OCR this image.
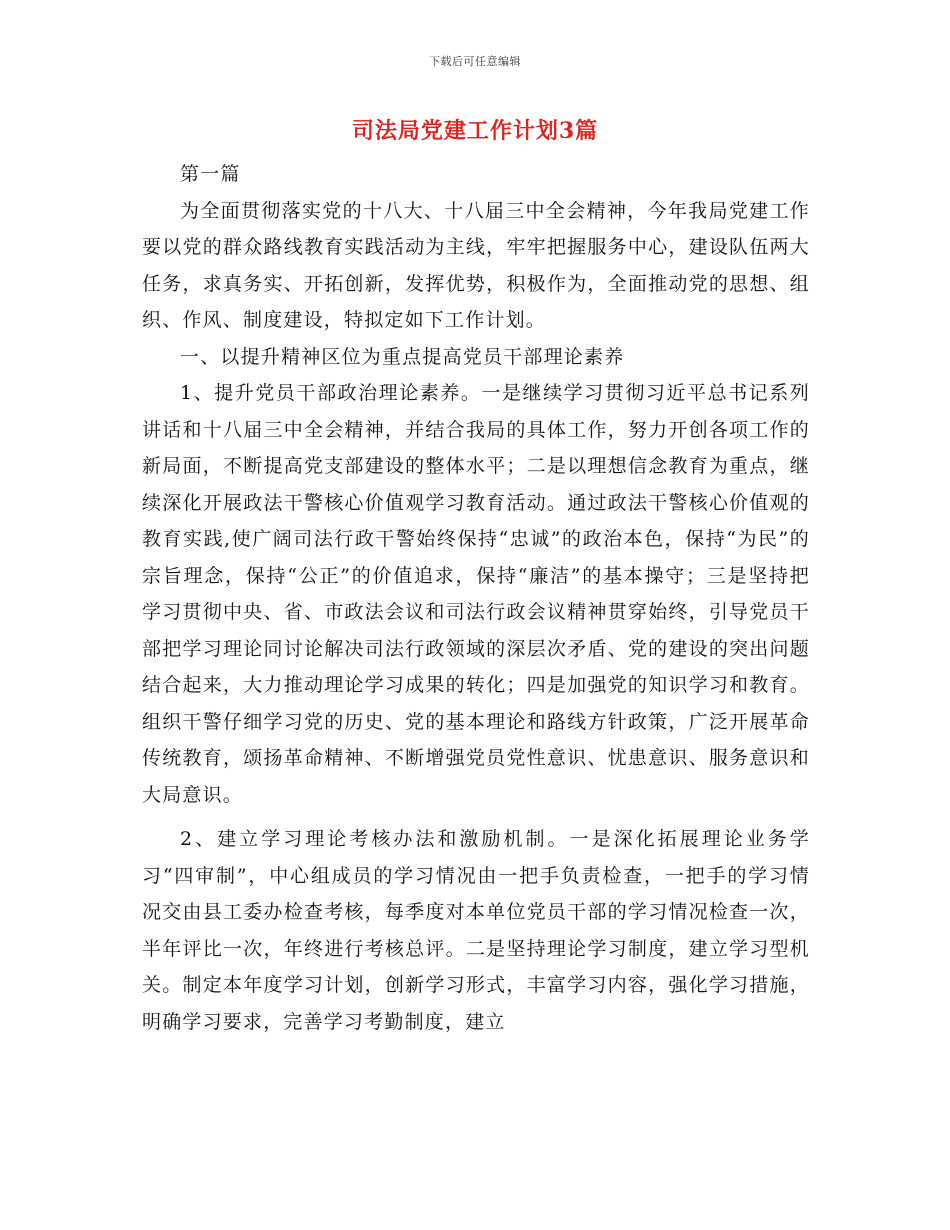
下载后可任意编辑
司法局党建工作计划3篇

第一篇

为全面贯彻落实党的十八大、十八届三中全会精神，今年我局党建工作要以党的群众路线教育实践活动为主线，牢牢把握服务中心，建设队伍两大任务，求真务实、开拓创新，发挥优势，积极作为，全面推动党的思想、组织、作风、制度建设，特拟定如下工作计划。

一、以提升精神区位为重点提高党员干部理论素养

1、提升党员干部政治理论素养。一是继续学习贯彻习近平总书记系列讲话和十八届三中全会精神，并结合我局的具体工作，努力开创各项工作的新局面，不断提高党支部建设的整体水平；二是以理想信念教育为重点，继续深化开展政法干警核心价值观学习教育活动。通过政法干警核心价值观的教育实践,使广阔司法行政干警始终保持“忠诚”的政治本色，保持“为民”的宗旨理念，保持“公正”的价值追求，保持“廉洁”的基本操守；三是坚持把学习贯彻中央、省、市政法会议和司法行政会议精神贯穿始终，引导党员干部把学习理论同讨论解决司法行政领域的深层次矛盾、党的建设的突出问题结合起来，大力推动理论学习成果的转化；四是加强党的知识学习和教育。组织干警仔细学习党的历史、党的基本理论和路线方针政策，广泛开展革命传统教育，颂扬革命精神、不断增强党员党性意识、忧患意识、服务意识和大局意识。

2、建立学习理论考核办法和激励机制。一是深化拓展理论业务学习“四审制”，中心组成员的学习情况由一把手负责检查，一把手的学习情况交由县工委办检查考核，每季度对本单位党员干部的学习情况检查一次，半年评比一次，年终进行考核总评。二是坚持理论学习制度，建立学习型机关。制定本年度学习计划，创新学习形式，丰富学习内容，强化学习措施，明确学习要求，完善学习考勤制度，建立
